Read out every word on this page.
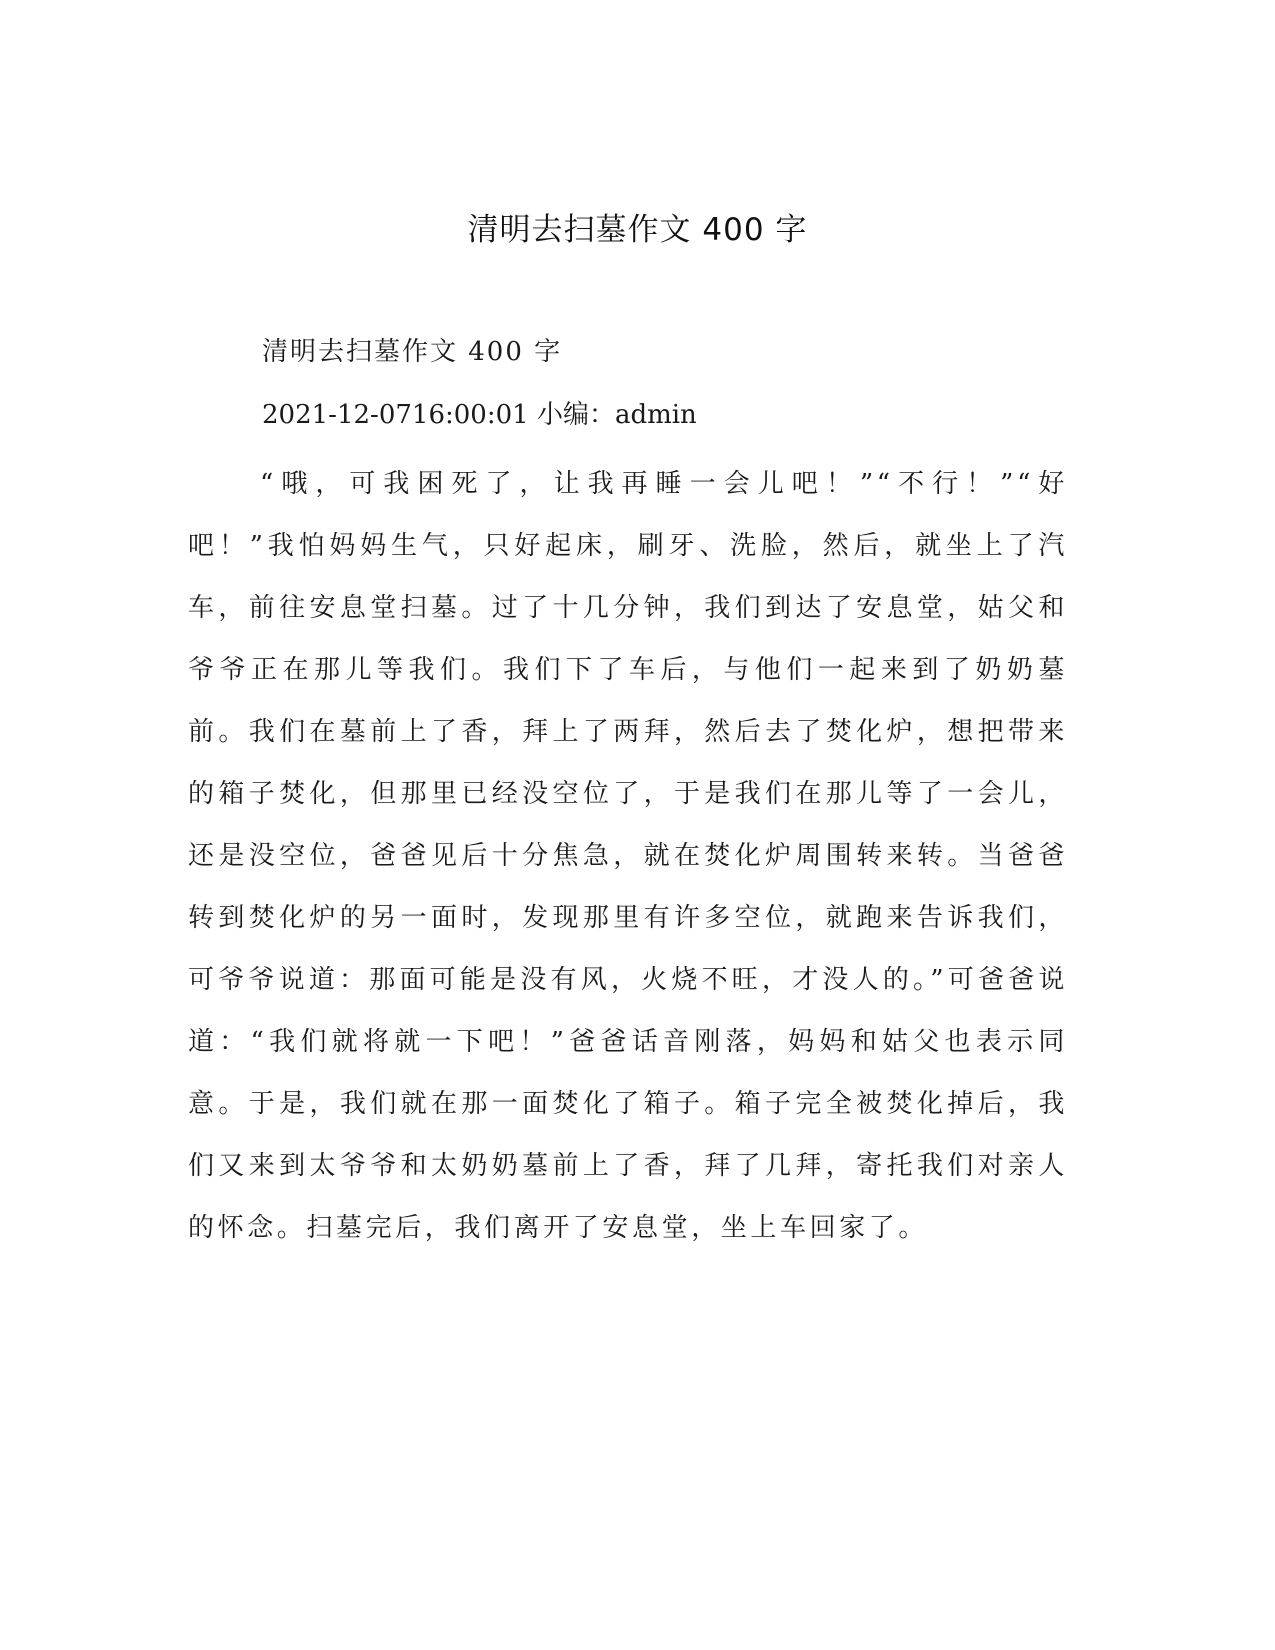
清明去扫墓作文 400 字
清明去扫墓作文 400 字
2021-12-0716:00:01 小编：admin

“哦，可我困死了，让我再睡一会儿吧！”“不行！”“好吧！”我怕妈妈生气，只好起床，刷牙、洗脸，然后，就坐上了汽车，前往安息堂扫墓。过了十几分钟，我们到达了安息堂，姑父和爷爷正在那儿等我们。我们下了车后，与他们一起来到了奶奶墓前。我们在墓前上了香，拜上了两拜，然后去了焚化炉，想把带来的箱子焚化，但那里已经没空位了，于是我们在那儿等了一会儿，还是没空位，爸爸见后十分焦急，就在焚化炉周围转来转。当爸爸转到焚化炉的另一面时，发现那里有许多空位，就跑来告诉我们，可爷爷说道：那面可能是没有风，火烧不旺，才没人的。”可爸爸说道：“我们就将就一下吧！”爸爸话音刚落，妈妈和姑父也表示同意。于是，我们就在那一面焚化了箱子。箱子完全被焚化掉后，我们又来到太爷爷和太奶奶墓前上了香，拜了几拜，寄托我们对亲人的怀念。扫墓完后，我们离开了安息堂，坐上车回家了。
